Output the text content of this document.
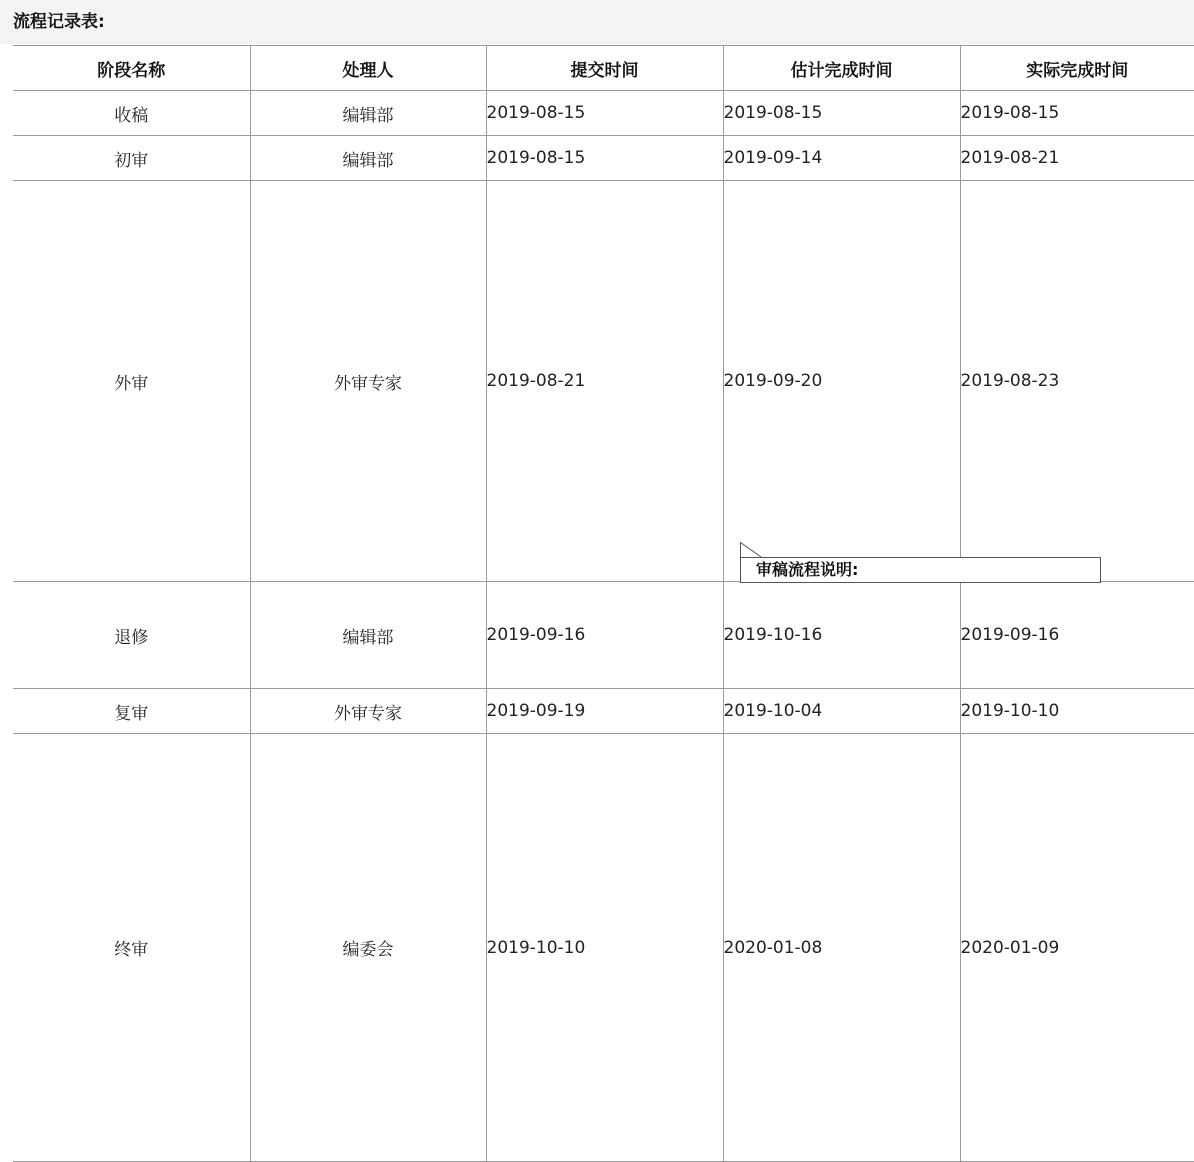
流程记录表:
阶段名称	处理人	提交时间	估计完成时间	实际完成时间
收稿	编辑部	2019-08-15	2019-08-15	2019-08-15
初审	编辑部	2019-08-15	2019-09-14	2019-08-21
外审	外审专家	2019-08-21	2019-09-20	2019-08-23
退修	编辑部	2019-09-16	2019-10-16	2019-09-16
复审	外审专家	2019-09-19	2019-10-04	2019-10-10
终审	编委会	2019-10-10	2020-01-08	2020-01-09
审稿流程说明:
